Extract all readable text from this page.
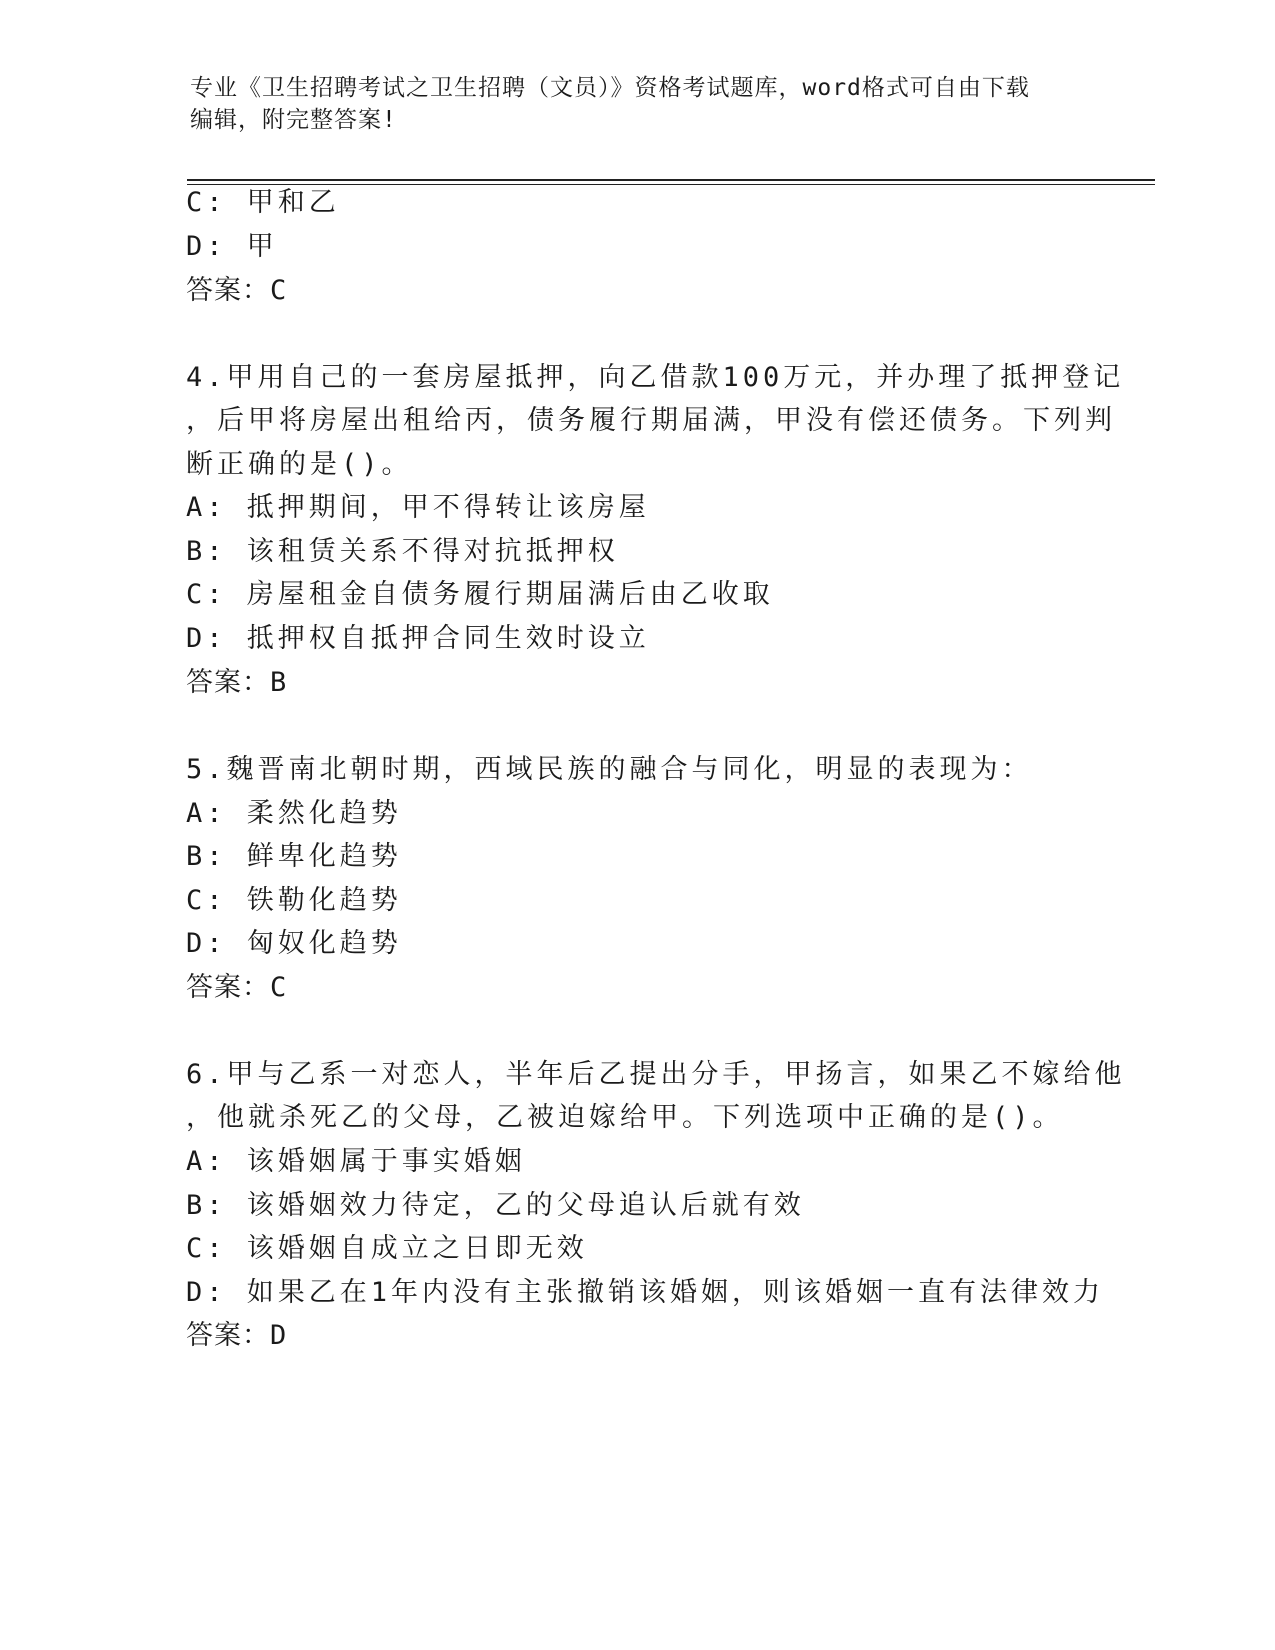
专业《卫生招聘考试之卫生招聘（文员）》资格考试题库，word格式可自由下载
编辑，附完整答案!
C: 甲和乙
D: 甲
答案：C
4.甲用自己的一套房屋抵押，向乙借款100万元，并办理了抵押登记
，后甲将房屋出租给丙，债务履行期届满，甲没有偿还债务。下列判
断正确的是()。
A: 抵押期间，甲不得转让该房屋
B: 该租赁关系不得对抗抵押权
C: 房屋租金自债务履行期届满后由乙收取
D: 抵押权自抵押合同生效时设立
答案：B
5.魏晋南北朝时期，西域民族的融合与同化，明显的表现为：
A: 柔然化趋势
B: 鲜卑化趋势
C: 铁勒化趋势
D: 匈奴化趋势
答案：C
6.甲与乙系一对恋人，半年后乙提出分手，甲扬言，如果乙不嫁给他
，他就杀死乙的父母，乙被迫嫁给甲。下列选项中正确的是()。
A: 该婚姻属于事实婚姻
B: 该婚姻效力待定，乙的父母追认后就有效
C: 该婚姻自成立之日即无效
D: 如果乙在1年内没有主张撤销该婚姻，则该婚姻一直有法律效力
答案：D
